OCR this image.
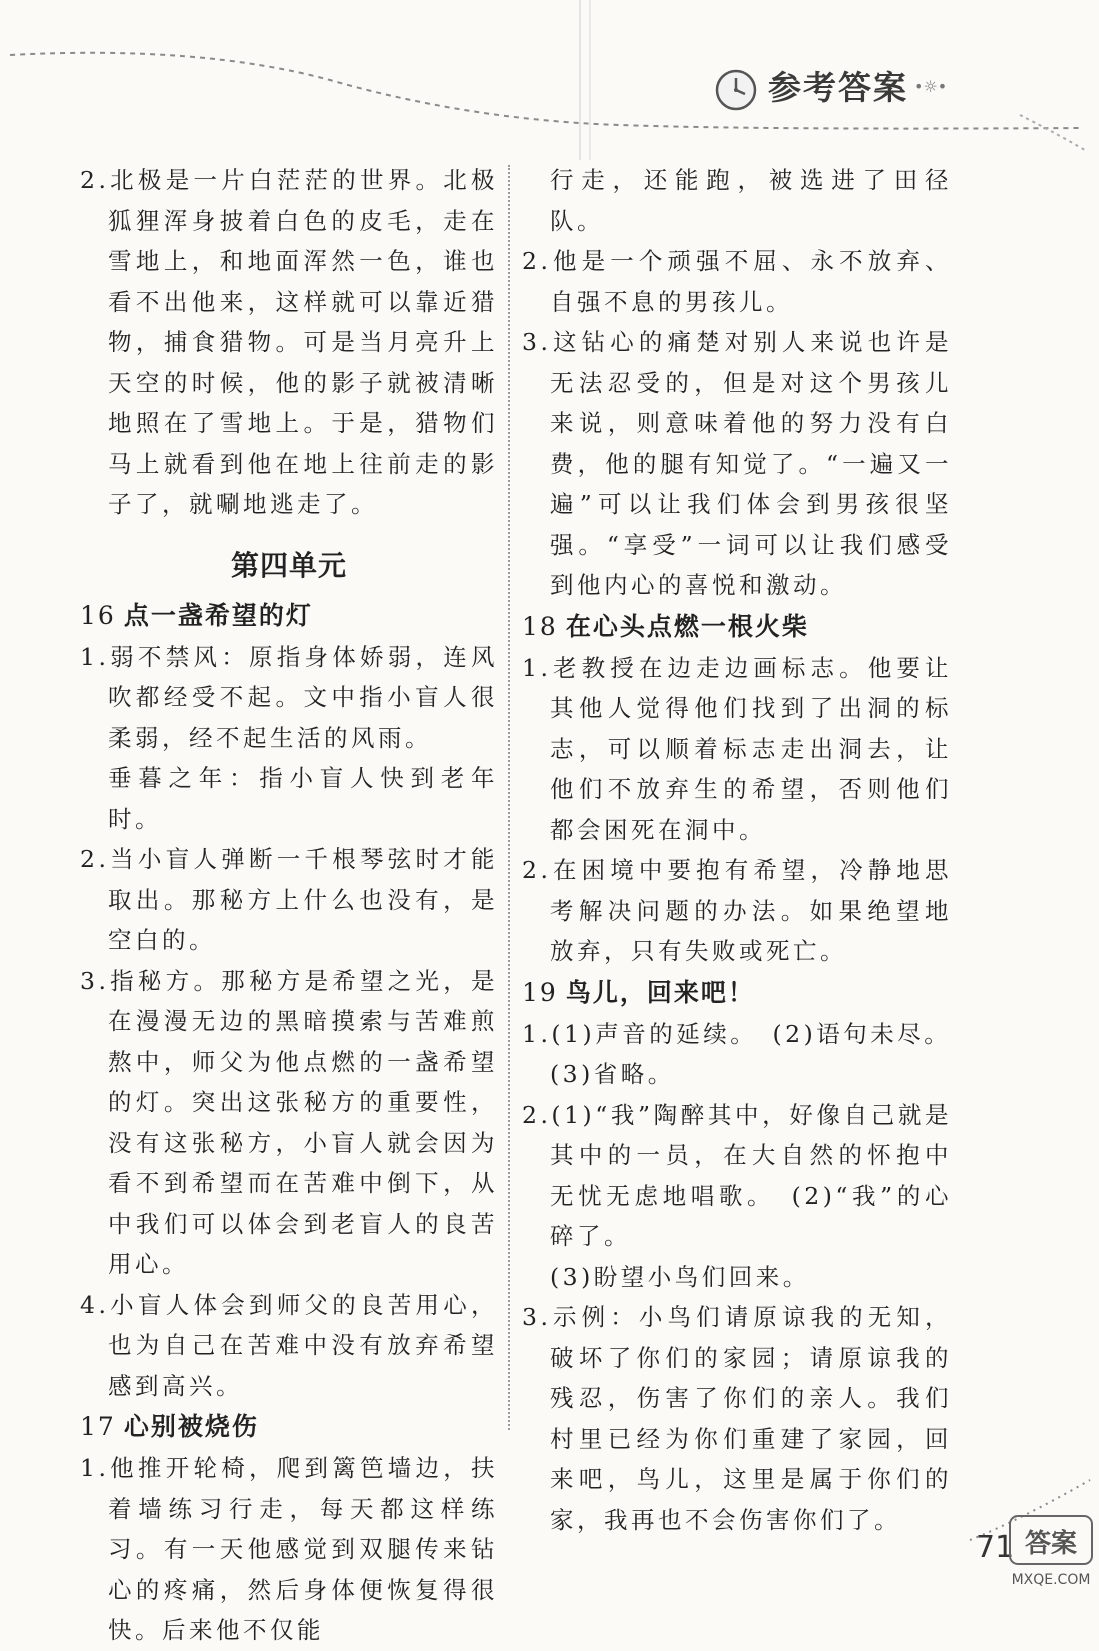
参考答案 •☼•

2.北极是一片白茫茫的世界。北极狐狸浑身披着白色的皮毛，走在雪地上，和地面浑然一色，谁也看不出他来，这样就可以靠近猎物，捕食猎物。可是当月亮升上天空的时候，他的影子就被清晰地照在了雪地上。于是，猎物们马上就看到他在地上往前走的影子了，就唰地逃走了。

第四单元
16 点一盏希望的灯

1.弱不禁风：原指身体娇弱，连风吹都经受不起。文中指小盲人很柔弱，经不起生活的风雨。

垂暮之年：指小盲人快到老年时。

2.当小盲人弹断一千根琴弦时才能取出。那秘方上什么也没有，是空白的。

3.指秘方。那秘方是希望之光，是在漫漫无边的黑暗摸索与苦难煎熬中，师父为他点燃的一盏希望的灯。突出这张秘方的重要性，没有这张秘方，小盲人就会因为看不到希望而在苦难中倒下，从中我们可以体会到老盲人的良苦用心。

4.小盲人体会到师父的良苦用心，也为自己在苦难中没有放弃希望感到高兴。

17 心别被烧伤

1.他推开轮椅，爬到篱笆墙边，扶着墙练习行走，每天都这样练习。有一天他感觉到双腿传来钻心的疼痛，然后身体便恢复得很快。后来他不仅能

行走，还能跑，被选进了田径队。

2.他是一个顽强不屈、永不放弃、自强不息的男孩儿。

3.这钻心的痛楚对别人来说也许是无法忍受的，但是对这个男孩儿来说，则意味着他的努力没有白费，他的腿有知觉了。“一遍又一遍”可以让我们体会到男孩很坚强。“享受”一词可以让我们感受到他内心的喜悦和激动。

18 在心头点燃一根火柴

1.老教授在边走边画标志。他要让其他人觉得他们找到了出洞的标志，可以顺着标志走出洞去，让他们不放弃生的希望，否则他们都会困死在洞中。

2.在困境中要抱有希望，冷静地思考解决问题的办法。如果绝望地放弃，只有失败或死亡。

19 鸟儿，回来吧！

1.(1)声音的延续。　(2)语句未尽。

(3)省略。

2.(1)“我”陶醉其中，好像自己就是其中的一员，在大自然的怀抱中无忧无虑地唱歌。　(2)“我”的心碎了。

(3)盼望小鸟们回来。

3.示例：小鸟们请原谅我的无知，破坏了你们的家园；请原谅我的残忍，伤害了你们的亲人。我们村里已经为你们重建了家园，回来吧，鸟儿，这里是属于你们的家，我再也不会伤害你们了。

71 答案
MXQE.COM
